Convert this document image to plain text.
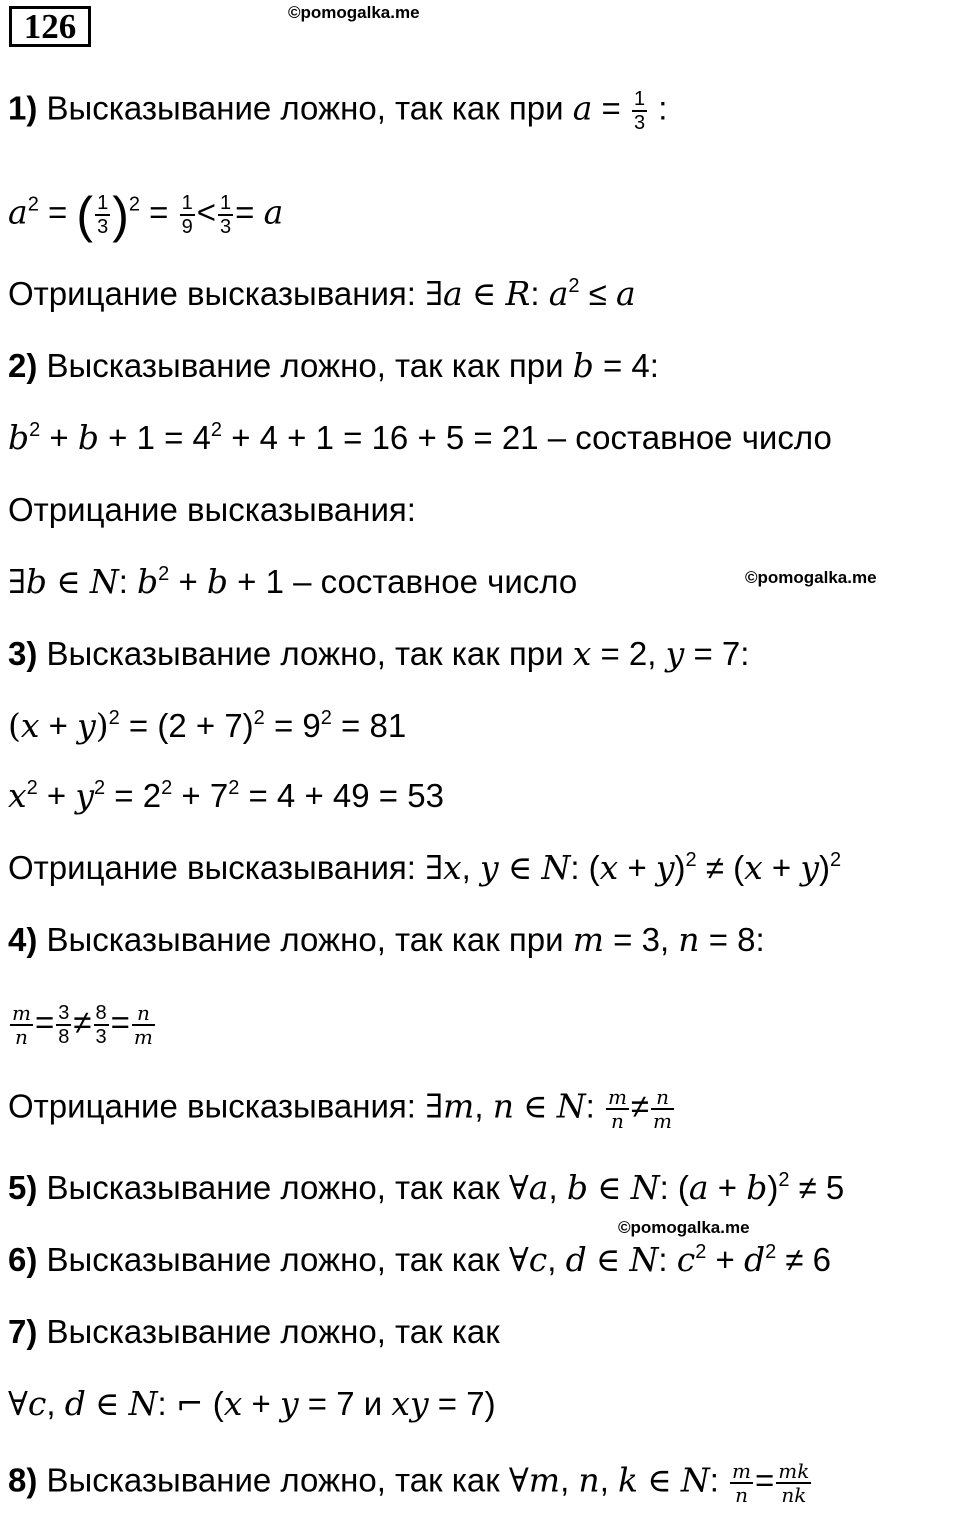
126	©pomogalka.me
©pomogalka.me
©pomogalka.me
1) Высказывание ложно, так как при $a = \frac{1}{3}$ :
$a^2$ = ( $\frac{1}{3} )^2 = \frac{1}{9} < \frac{1}{3} = a$
Отрицание высказывания: ∃a ∈ R: $a^2 \le a$
2) Высказывание ложно, так как при b = 4:
$b^2 + b + 1 = 4^2 + 4 + 1 = 16 + 5 = 21$ – составное число
Отрицание высказывания:
∃b ∈ N: $b^2 + b + 1$ – составное число
3) Высказывание ложно, так как при x = 2, y = 7:
$(x + y)^2 = (2 + 7)^2 = 9^2 = 81$
$x^2 + y^2 = 2^2 + 7^2 = 4 + 49 = 53$
Отрицание высказывания: ∃x, y ∈ N: $(x + y)^2 \ne (x + y)^2$
4) Высказывание ложно, так как при m = 3, n = 8:
$\frac{m}{n} = \frac{3}{8} \ne \frac{8}{3} = \frac{n}{m}$
Отрицание высказывания: ∃m, n ∈ N: $\frac{m}{n} \ne \frac{n}{m}$
5) Высказывание ложно, так как ∀a, b ∈ N: $(a + b)^2 \ne 5$
6) Высказывание ложно, так как ∀c, d ∈ N: $c^2 + d^2 \ne 6$
7) Высказывание ложно, так как
∀c, d ∈ N: ⌐ (x + y = 7 и xy = 7)
8) Высказывание ложно, так как ∀m, n, k ∈ N: $\frac{m}{n} = \frac{mk}{nk}$
